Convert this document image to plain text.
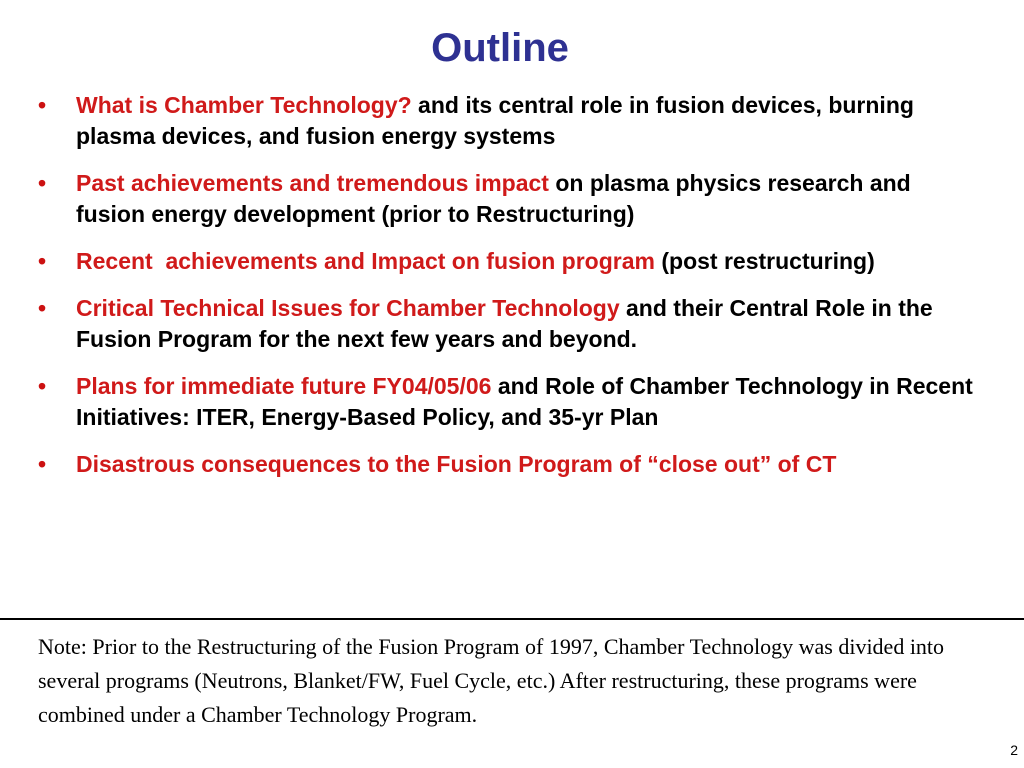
Outline
• What is Chamber Technology? and its central role in fusion devices, burning plasma devices, and fusion energy systems
• Past achievements and tremendous impact on plasma physics research and fusion energy development (prior to Restructuring)
• Recent  achievements and Impact on fusion program (post restructuring)
• Critical Technical Issues for Chamber Technology and their Central Role in the Fusion Program for the next few years and beyond.
• Plans for immediate future FY04/05/06 and Role of Chamber Technology in Recent Initiatives: ITER, Energy-Based Policy, and 35-yr Plan
• Disastrous consequences to the Fusion Program of “close out” of CT
Note: Prior to the Restructuring of the Fusion Program of 1997, Chamber Technology was divided into several programs (Neutrons, Blanket/FW, Fuel Cycle, etc.) After restructuring, these programs were combined under a Chamber Technology Program.
2
